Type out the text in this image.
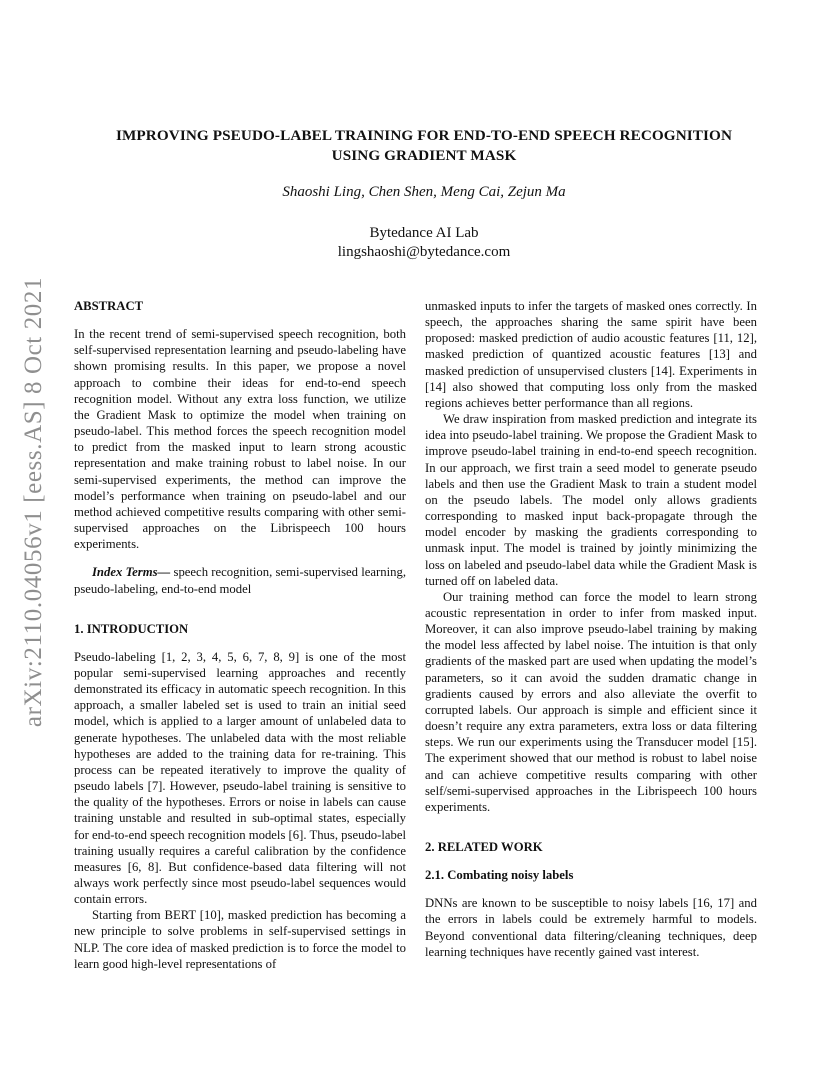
arXiv:2110.04056v1 [eess.AS] 8 Oct 2021
IMPROVING PSEUDO-LABEL TRAINING FOR END-TO-END SPEECH RECOGNITION
USING GRADIENT MASK

Shaoshi Ling, Chen Shen, Meng Cai, Zejun Ma

Bytedance AI Lab
lingshaoshi@bytedance.com

ABSTRACT

In the recent trend of semi-supervised speech recognition, both self-supervised representation learning and pseudo-labeling have shown promising results. In this paper, we propose a novel approach to combine their ideas for end-to-end speech recognition model. Without any extra loss function, we utilize the Gradient Mask to optimize the model when training on pseudo-label. This method forces the speech recognition model to predict from the masked input to learn strong acoustic representation and make training robust to label noise. In our semi-supervised experiments, the method can improve the model’s performance when training on pseudo-label and our method achieved competitive results comparing with other semi-supervised approaches on the Librispeech 100 hours experiments.

Index Terms— speech recognition, semi-supervised learning, pseudo-labeling, end-to-end model

1. INTRODUCTION

Pseudo-labeling [1, 2, 3, 4, 5, 6, 7, 8, 9] is one of the most popular semi-supervised learning approaches and recently demonstrated its efficacy in automatic speech recognition. In this approach, a smaller labeled set is used to train an initial seed model, which is applied to a larger amount of unlabeled data to generate hypotheses. The unlabeled data with the most reliable hypotheses are added to the training data for re-training. This process can be repeated iteratively to improve the quality of pseudo labels [7]. However, pseudo-label training is sensitive to the quality of the hypotheses. Errors or noise in labels can cause training unstable and resulted in sub-optimal states, especially for end-to-end speech recognition models [6]. Thus, pseudo-label training usually requires a careful calibration by the confidence measures [6, 8]. But confidence-based data filtering will not always work perfectly since most pseudo-label sequences would contain errors.

Starting from BERT [10], masked prediction has becoming a new principle to solve problems in self-supervised settings in NLP. The core idea of masked prediction is to force the model to learn good high-level representations of

unmasked inputs to infer the targets of masked ones correctly. In speech, the approaches sharing the same spirit have been proposed: masked prediction of audio acoustic features [11, 12], masked prediction of quantized acoustic features [13] and masked prediction of unsupervised clusters [14]. Experiments in [14] also showed that computing loss only from the masked regions achieves better performance than all regions.

We draw inspiration from masked prediction and integrate its idea into pseudo-label training. We propose the Gradient Mask to improve pseudo-label training in end-to-end speech recognition. In our approach, we first train a seed model to generate pseudo labels and then use the Gradient Mask to train a student model on the pseudo labels. The model only allows gradients corresponding to masked input back-propagate through the model encoder by masking the gradients corresponding to unmask input. The model is trained by jointly minimizing the loss on labeled and pseudo-label data while the Gradient Mask is turned off on labeled data.

Our training method can force the model to learn strong acoustic representation in order to infer from masked input. Moreover, it can also improve pseudo-label training by making the model less affected by label noise. The intuition is that only gradients of the masked part are used when updating the model’s parameters, so it can avoid the sudden dramatic change in gradients caused by errors and also alleviate the overfit to corrupted labels. Our approach is simple and efficient since it doesn’t require any extra parameters, extra loss or data filtering steps. We run our experiments using the Transducer model [15]. The experiment showed that our method is robust to label noise and can achieve competitive results comparing with other self/semi-supervised approaches in the Librispeech 100 hours experiments.

2. RELATED WORK

2.1. Combating noisy labels

DNNs are known to be susceptible to noisy labels [16, 17] and the errors in labels could be extremely harmful to models. Beyond conventional data filtering/cleaning techniques, deep learning techniques have recently gained vast interest.
